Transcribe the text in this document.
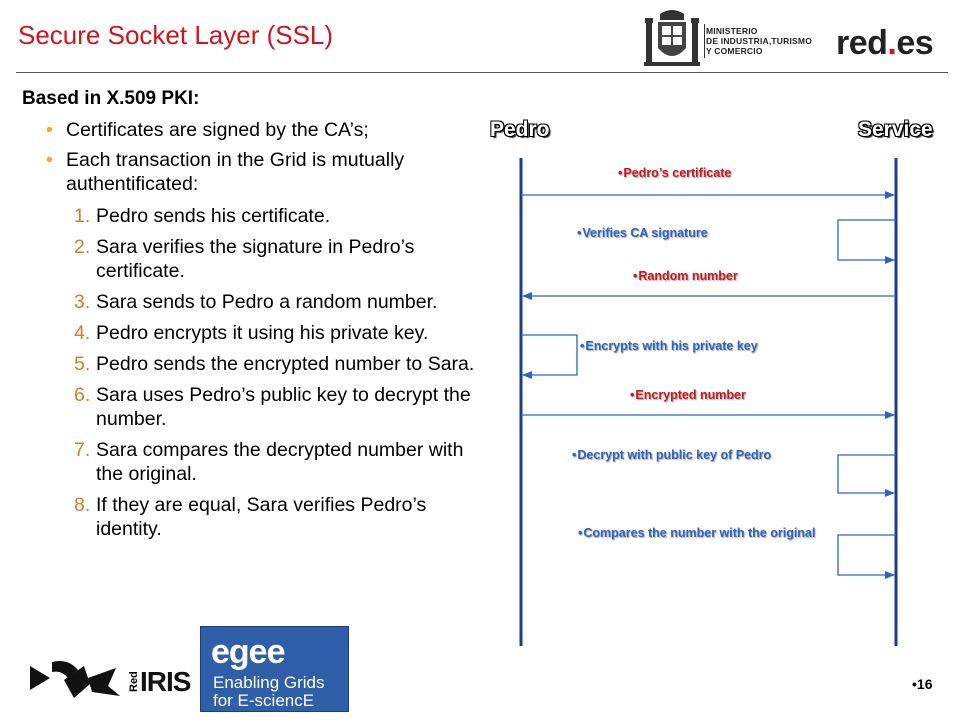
Secure Socket Layer (SSL)	MINISTERIO
DE INDUSTRIA,TURISMO
Y COMERCIO	red.es
Based in X.509 PKI:
• Certificates are signed by the CA’s;
• Each transaction in the Grid is mutually authentificated:
1. Pedro sends his certificate.
2. Sara verifies the signature in Pedro’s certificate.
3. Sara sends to Pedro a random number.
4. Pedro encrypts it using his private key.
5. Pedro sends the encrypted number to Sara.
6. Sara uses Pedro’s public key to decrypt the number.
7. Sara compares the decrypted number with the original.
8. If they are equal, Sara verifies Pedro’s identity.
Pedro	Service
•Pedro’s certificate
•Verifies CA signature
•Random number
•Encrypts with his private key
•Encrypted number
•Decrypt with public key of Pedro
•Compares the number with the original
Red IRIS
egee
Enabling Grids
for E-sciencE
•16
